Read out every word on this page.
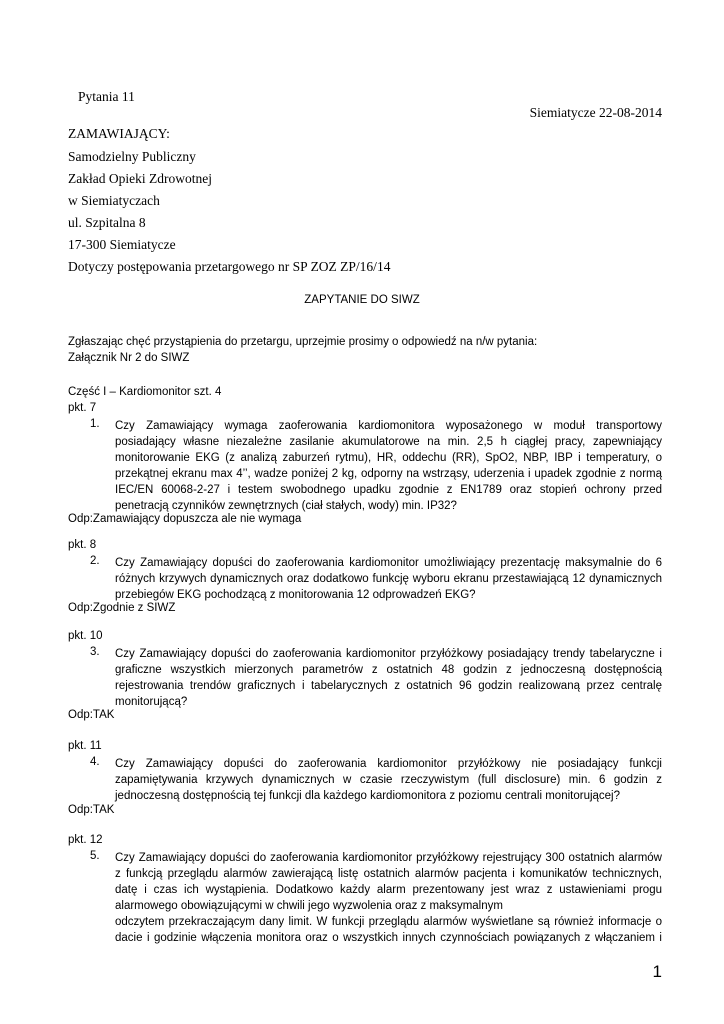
Pytania 11
Siemiatycze 22-08-2014
ZAMAWIAJĄCY:
Samodzielny Publiczny
Zakład Opieki Zdrowotnej
w Siemiatyczach
ul. Szpitalna 8
17-300 Siemiatycze
Dotyczy postępowania przetargowego nr SP ZOZ ZP/16/14
ZAPYTANIE DO SIWZ
Zgłaszając chęć przystąpienia do przetargu, uprzejmie prosimy o odpowiedź na n/w pytania:
Załącznik Nr 2 do SIWZ
Część I – Kardiomonitor szt. 4
pkt. 7
1. Czy Zamawiający wymaga zaoferowania kardiomonitora wyposażonego w moduł transportowy
posiadający własne niezależne zasilanie akumulatorowe na min. 2,5 h ciągłej pracy, zapewniający
monitorowanie EKG (z analizą zaburzeń rytmu), HR, oddechu (RR), SpO2, NBP, IBP i temperatury, o
przekątnej ekranu max 4’’, wadze poniżej 2 kg, odporny na wstrząsy, uderzenia i upadek zgodnie z normą
IEC/EN 60068-2-27 i testem swobodnego upadku zgodnie z EN1789 oraz stopień ochrony przed
penetracją czynników zewnętrznych (ciał stałych, wody) min. IP32?
Odp:Zamawiający dopuszcza ale nie wymaga
pkt. 8
2. Czy Zamawiający dopuści do zaoferowania kardiomonitor umożliwiający prezentację maksymalnie do 6
różnych krzywych dynamicznych oraz dodatkowo funkcję wyboru ekranu przestawiającą 12 dynamicznych
przebiegów EKG pochodzącą z monitorowania 12 odprowadzeń EKG?
Odp:Zgodnie z SIWZ
pkt. 10
3. Czy Zamawiający dopuści do zaoferowania kardiomonitor przyłóżkowy posiadający trendy tabelaryczne i
graficzne wszystkich mierzonych parametrów z ostatnich 48 godzin z jednoczesną dostępnością
rejestrowania trendów graficznych i tabelarycznych z ostatnich 96 godzin realizowaną przez centralę
monitorującą?
Odp:TAK
pkt. 11
4. Czy Zamawiający dopuści do zaoferowania kardiomonitor przyłóżkowy nie posiadający funkcji
zapamiętywania krzywych dynamicznych w czasie rzeczywistym (full disclosure) min. 6 godzin z
jednoczesną dostępnością tej funkcji dla każdego kardiomonitora z poziomu centrali monitorującej?
Odp:TAK
pkt. 12
5. Czy Zamawiający dopuści do zaoferowania kardiomonitor przyłóżkowy rejestrujący 300 ostatnich alarmów
z funkcją przeglądu alarmów zawierającą listę ostatnich alarmów pacjenta i komunikatów technicznych,
datę i czas ich wystąpienia. Dodatkowo każdy alarm prezentowany jest wraz z ustawieniami progu
alarmowego obowiązującymi w chwili jego wyzwolenia oraz z maksymalnym
odczytem przekraczającym dany limit. W funkcji przeglądu alarmów wyświetlane są również informacje o
dacie i godzinie włączenia monitora oraz o wszystkich innych czynnościach powiązanych z włączaniem i
1
